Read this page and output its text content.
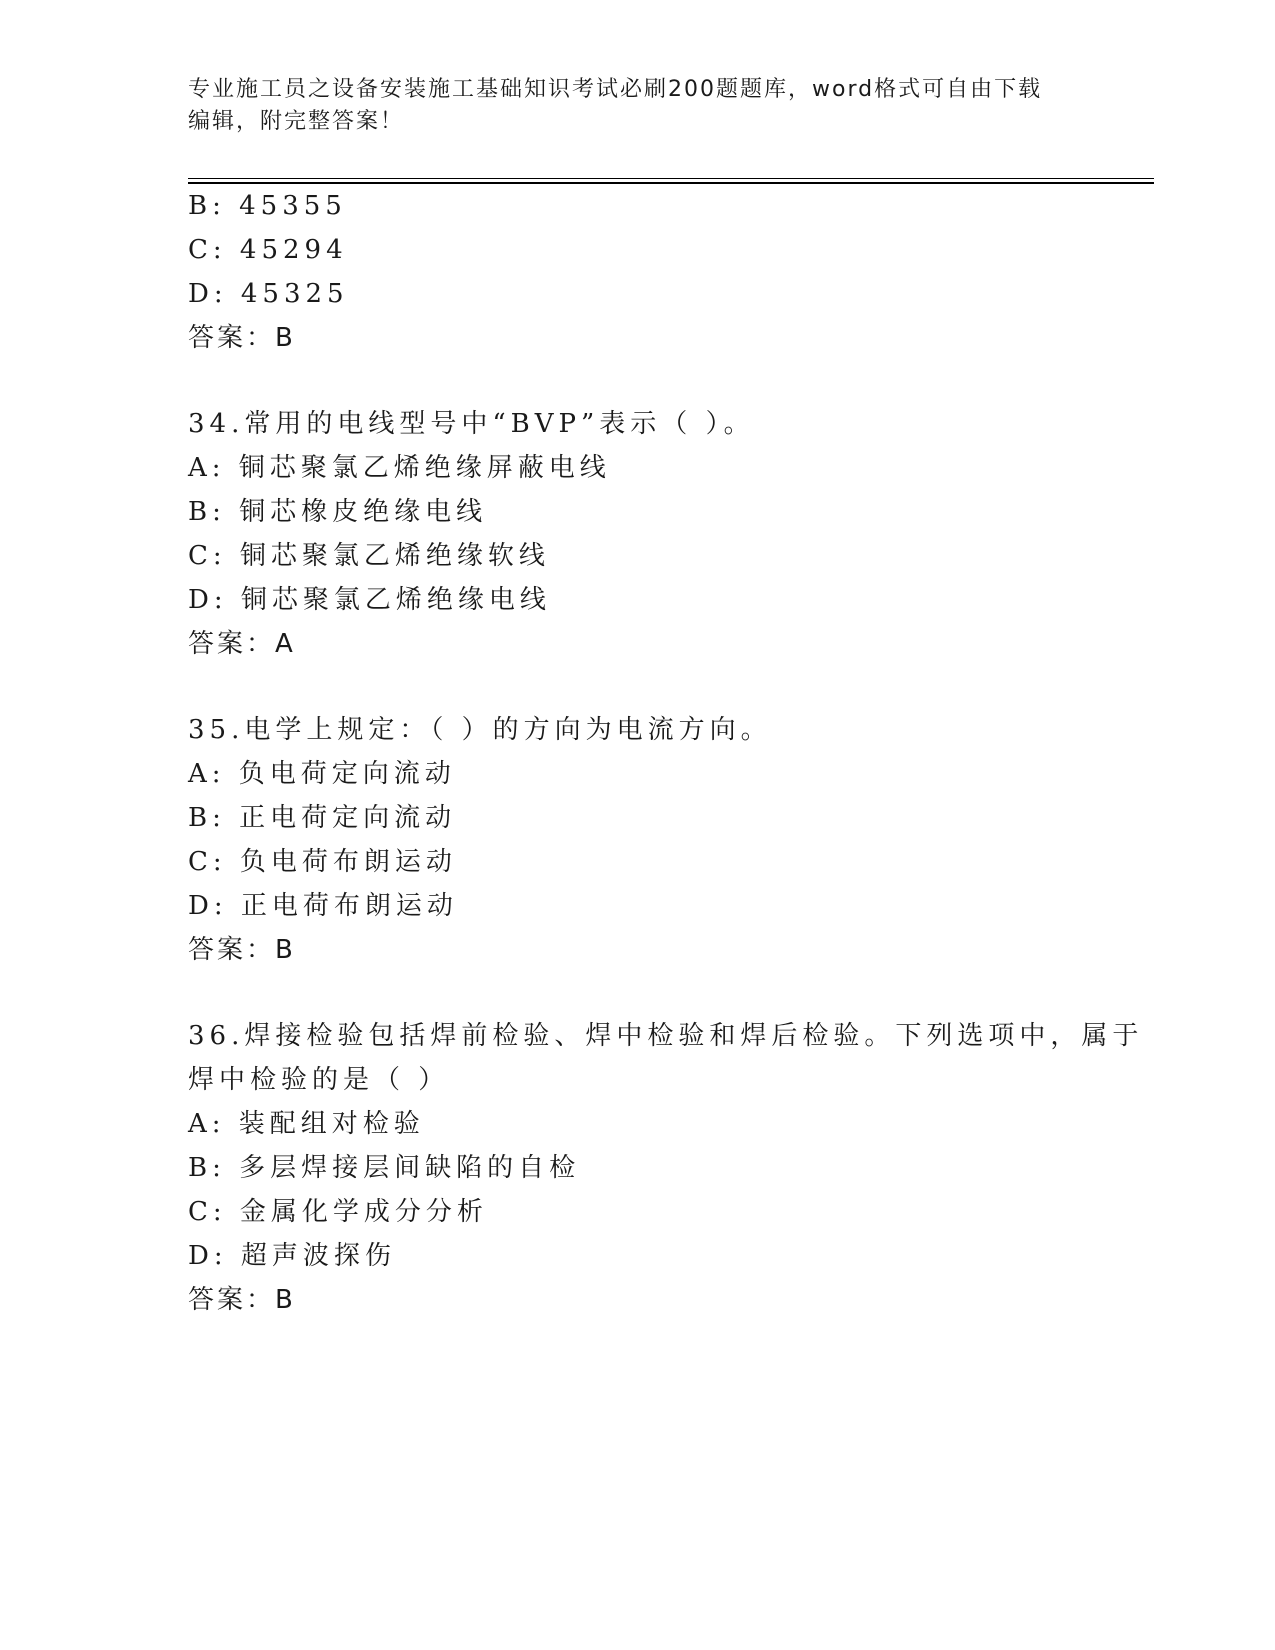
专业施工员之设备安装施工基础知识考试必刷200题题库，word格式可自由下载
编辑，附完整答案！
B: 45355
C: 45294
D: 45325
答案：B
34.常用的电线型号中“BVP”表示（ ）。
A: 铜芯聚氯乙烯绝缘屏蔽电线
B: 铜芯橡皮绝缘电线
C: 铜芯聚氯乙烯绝缘软线
D: 铜芯聚氯乙烯绝缘电线
答案：A
35.电学上规定：（ ）的方向为电流方向。
A: 负电荷定向流动
B: 正电荷定向流动
C: 负电荷布朗运动
D: 正电荷布朗运动
答案：B
36.焊接检验包括焊前检验、焊中检验和焊后检验。下列选项中，属于
焊中检验的是（ ）
A: 装配组对检验
B: 多层焊接层间缺陷的自检
C: 金属化学成分分析
D: 超声波探伤
答案：B
